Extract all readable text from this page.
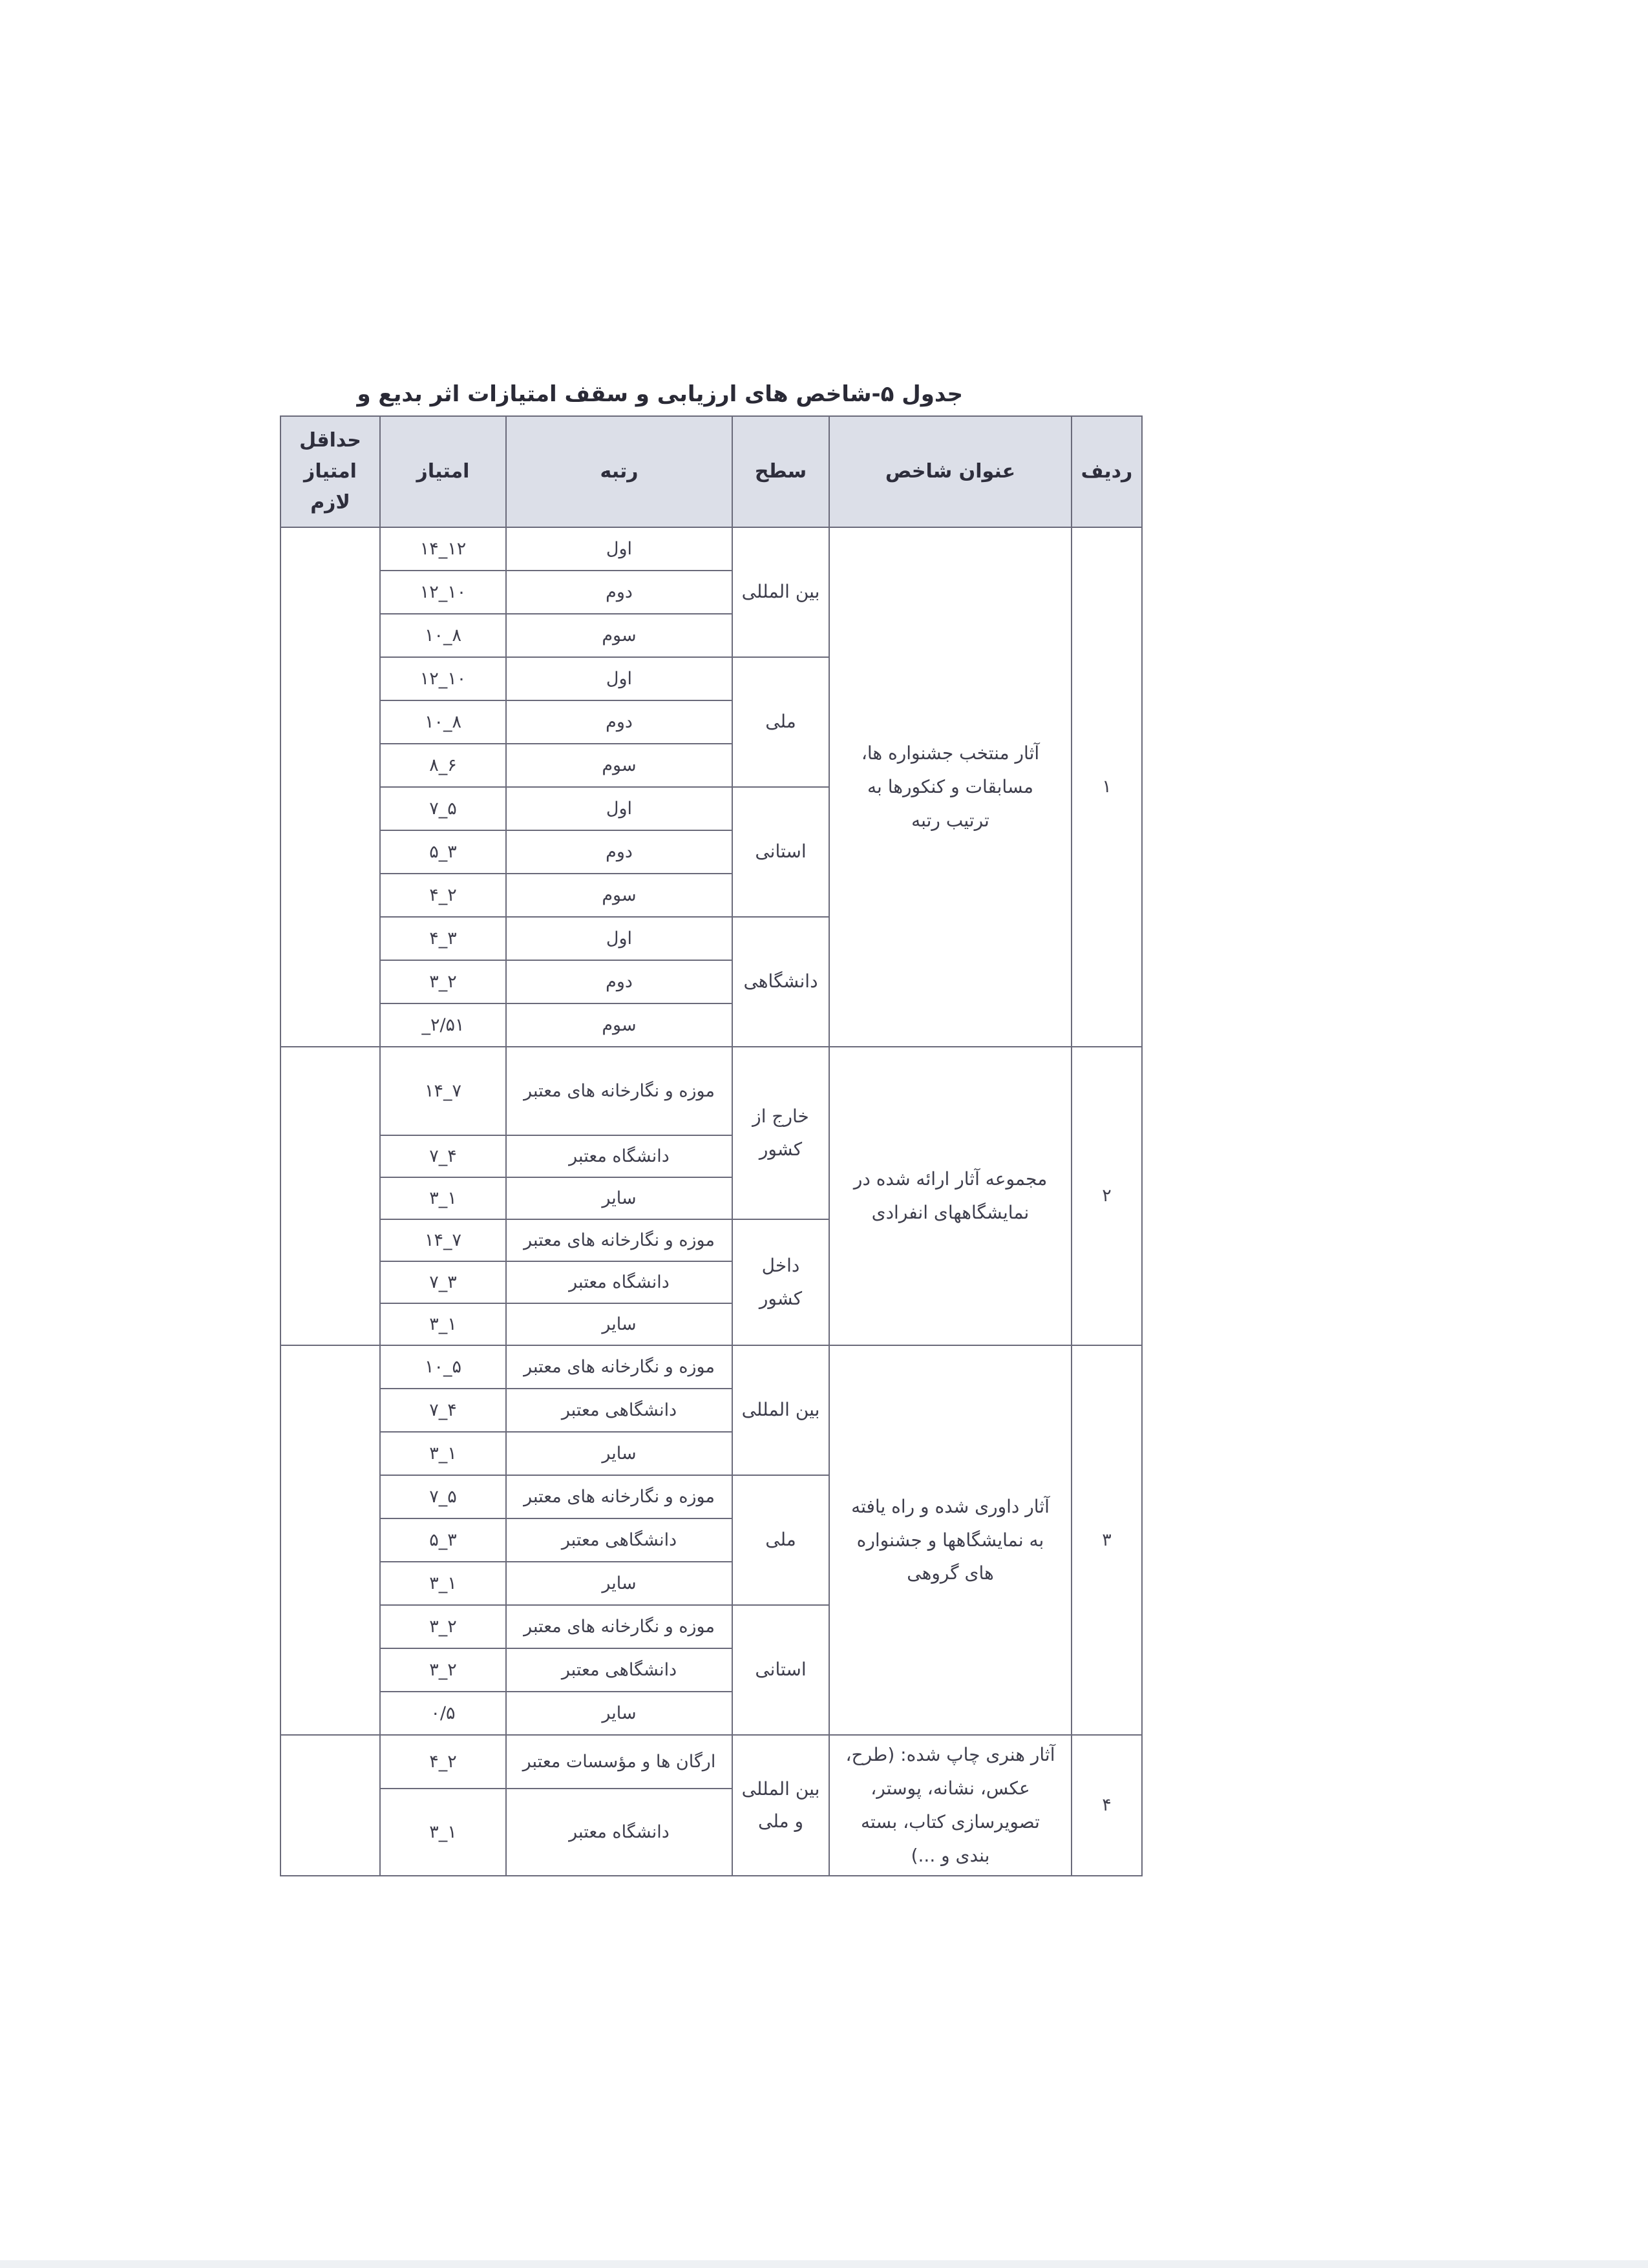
جدول ۵-شاخص های ارزیابی و سقف امتیازات اثر بدیع و
ردیف	عنوان شاخص	سطح	رتبه	امتیاز	حداقل امتیاز لازم
۱	آثار منتخب جشنواره ها، مسابقات و کنکورها به ترتیب رتبه	بین المللی	اول	۱۲_۱۴	
			دوم	۱۰_۱۲	
			سوم	۸_۱۰	
		ملی	اول	۱۰_۱۲	
			دوم	۸_۱۰	
			سوم	۶_۸	
		استانی	اول	۵_۷	
			دوم	۳_۵	
			سوم	۲_۴	
		دانشگاهی	اول	۳_۴	
			دوم	۲_۳	
			سوم	۲/۵۱_	
۲	مجموعه آثار ارائه شده در نمایشگاههای انفرادی	خارج از کشور	موزه و نگارخانه های معتبر	۷_۱۴	
			دانشگاه معتبر	۴_۷	
			سایر	۱_۳	
		داخل کشور	موزه و نگارخانه های معتبر	۷_۱۴	
			دانشگاه معتبر	۳_۷	
			سایر	۱_۳	
۳	آثار داوری شده و راه یافته به نمایشگاهها و جشنواره های گروهی	بین المللی	موزه و نگارخانه های معتبر	۵_۱۰	
			دانشگاهی معتبر	۴_۷	
			سایر	۱_۳	
		ملی	موزه و نگارخانه های معتبر	۵_۷	
			دانشگاهی معتبر	۳_۵	
			سایر	۱_۳	
		استانی	موزه و نگارخانه های معتبر	۲_۳	
			دانشگاهی معتبر	۲_۳	
			سایر	۰/۵	
۴	آثار هنری چاپ شده: (طرح، عکس، نشانه، پوستر، تصویرسازی کتاب، بسته بندی و ...)	بین المللی و ملی	ارگان ها و مؤسسات معتبر	۲_۴	
			دانشگاه معتبر	۱_۳	
